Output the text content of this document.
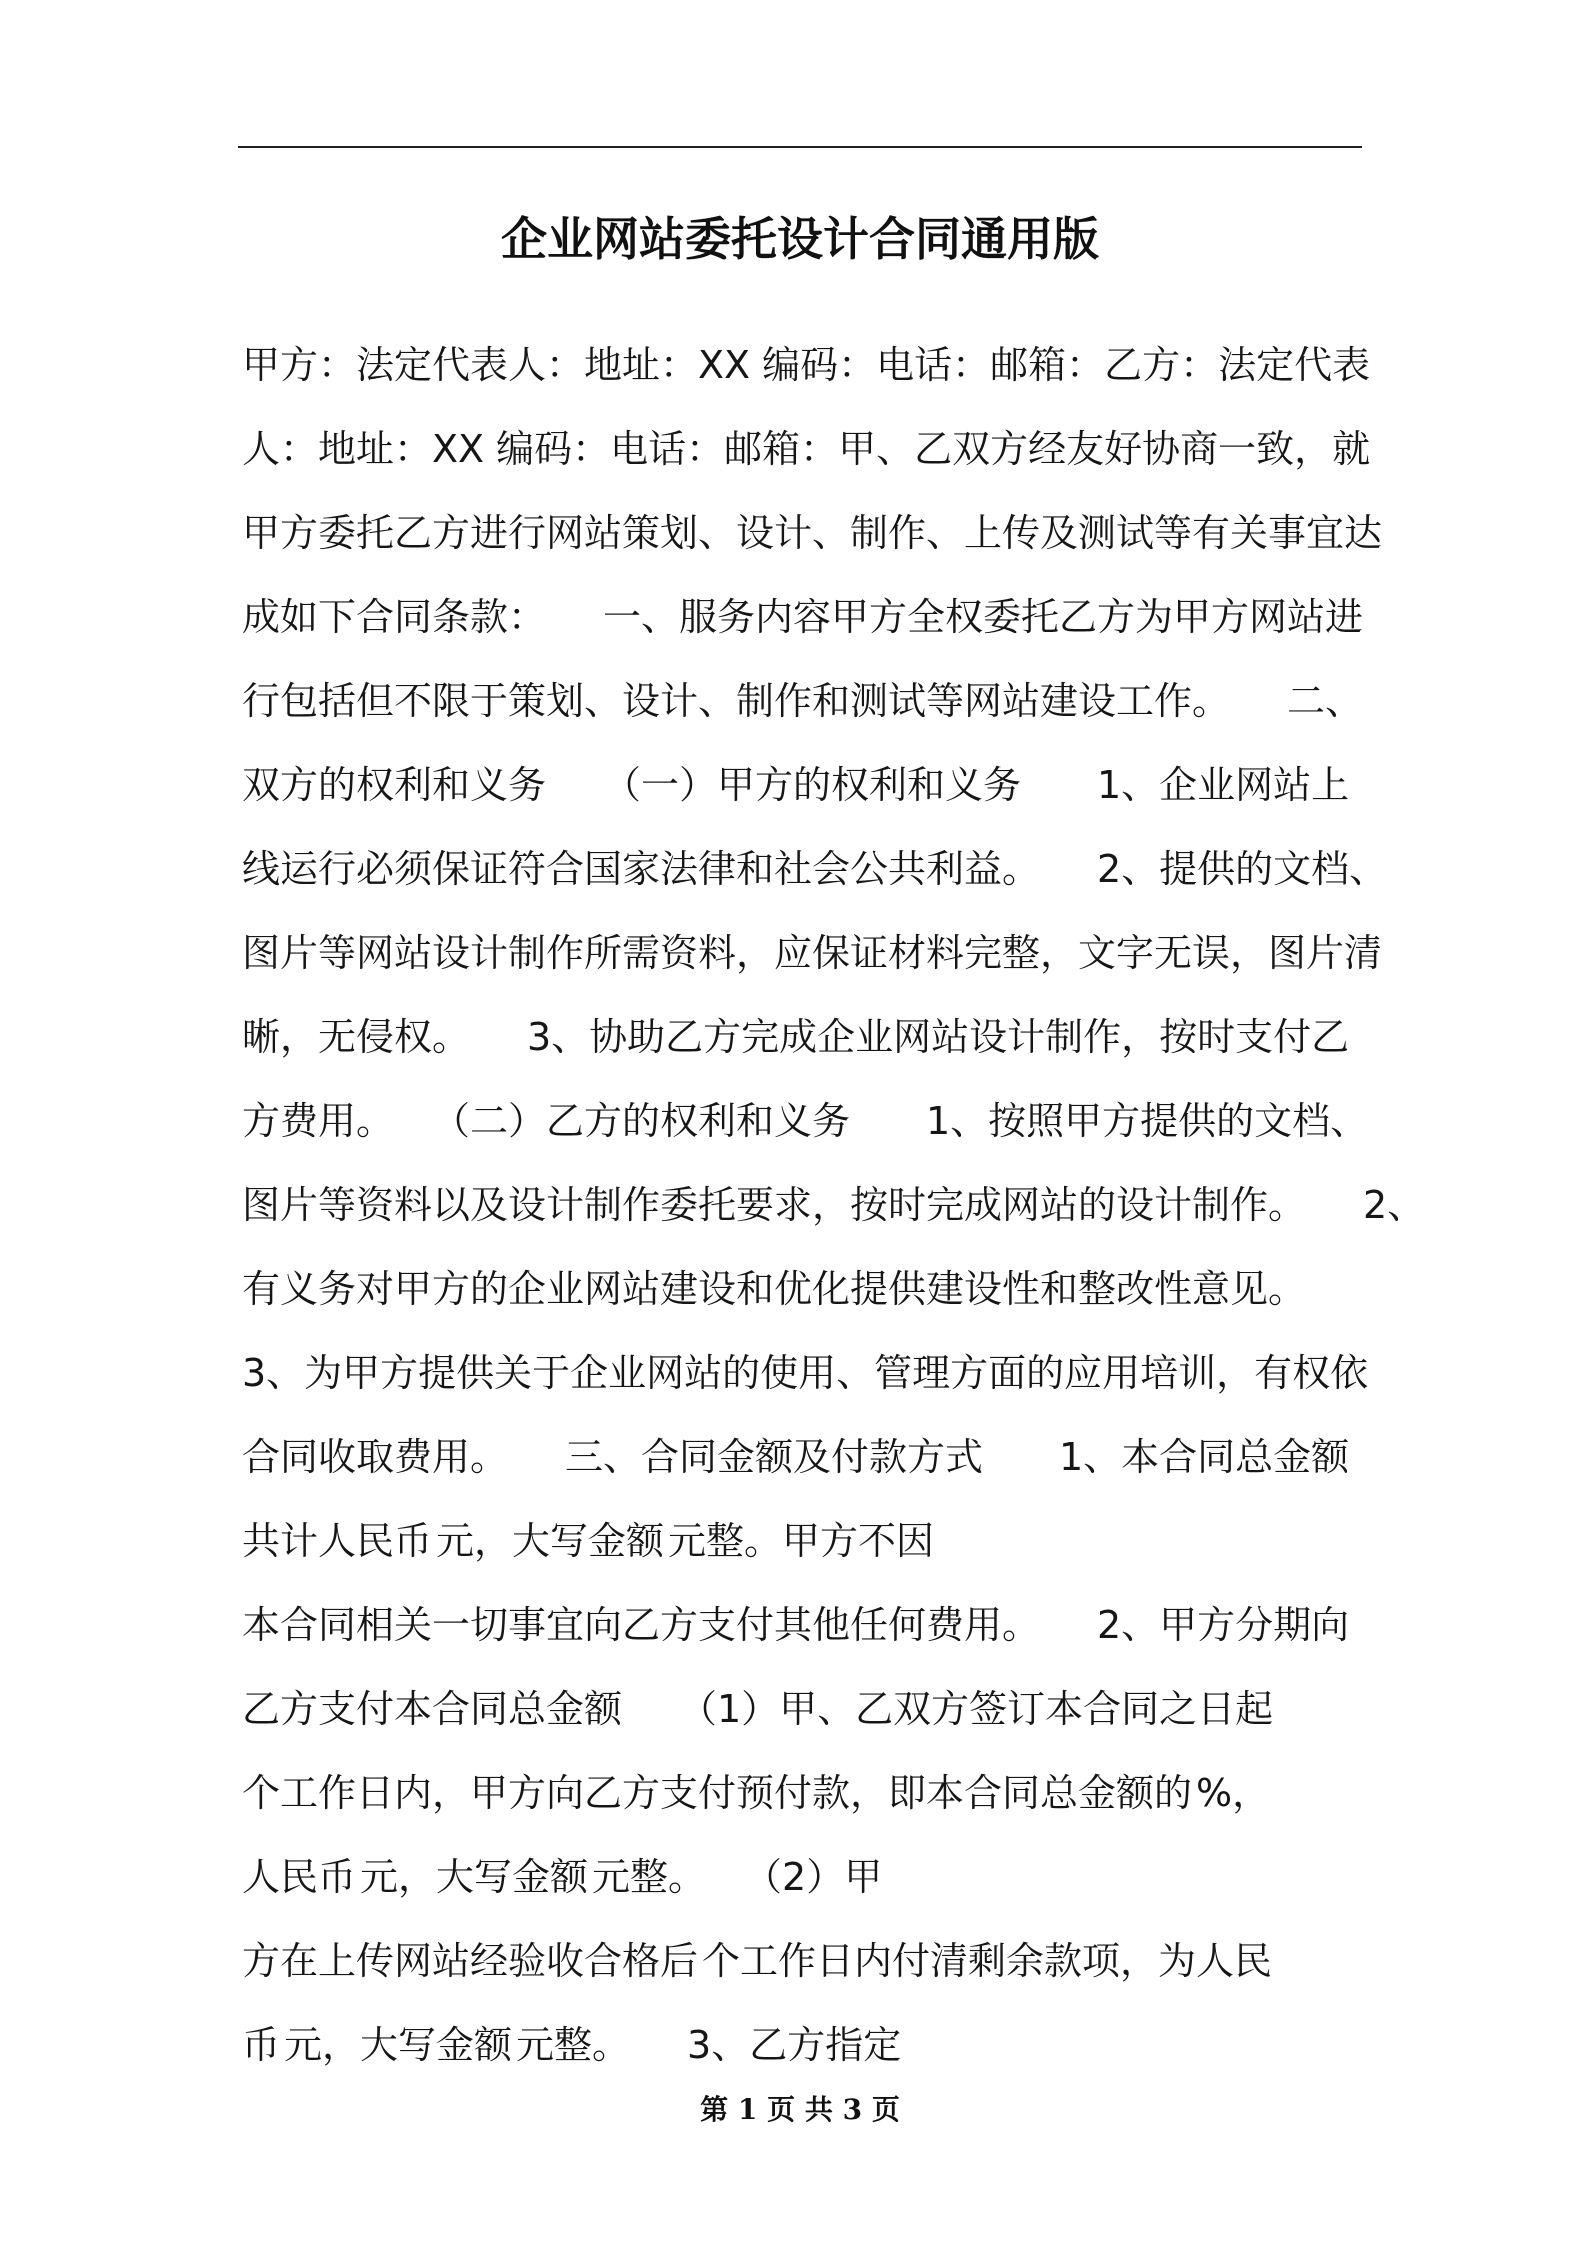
企业网站委托设计合同通用版
甲方：法定代表人：地址：XX 编码：电话：邮箱：乙方：法定代表
人：地址：XX 编码：电话：邮箱：甲、乙双方经友好协商一致，就
甲方委托乙方进行网站策划、设计、制作、上传及测试等有关事宜达
成如下合同条款：　　一、服务内容甲方全权委托乙方为甲方网站进
行包括但不限于策划、设计、制作和测试等网站建设工作。　　二、
双方的权利和义务　　（一）甲方的权利和义务　　1、企业网站上
线运行必须保证符合国家法律和社会公共利益。　　2、提供的文档、
图片等网站设计制作所需资料，应保证材料完整，文字无误，图片清
晰，无侵权。　　3、协助乙方完成企业网站设计制作，按时支付乙
方费用。　　（二）乙方的权利和义务　　1、按照甲方提供的文档、
图片等资料以及设计制作委托要求，按时完成网站的设计制作。　　2、
有义务对甲方的企业网站建设和优化提供建设性和整改性意见。
3、为甲方提供关于企业网站的使用、管理方面的应用培训，有权依
合同收取费用。　　三、合同金额及付款方式　　1、本合同总金额
共计人民币 元，大写金额 元整。甲方不因
本合同相关一切事宜向乙方支付其他任何费用。　　2、甲方分期向
乙方支付本合同总金额　　（1）甲、乙双方签订本合同之日起
个工作日内，甲方向乙方支付预付款，即本合同总金额的 %，
人民币 元，大写金额 元整。　　（2）甲
方在上传网站经验收合格后 个工作日内付清剩余款项，为人民
币 元，大写金额 元整。　　3、乙方指定
第 1 页 共 3 页
